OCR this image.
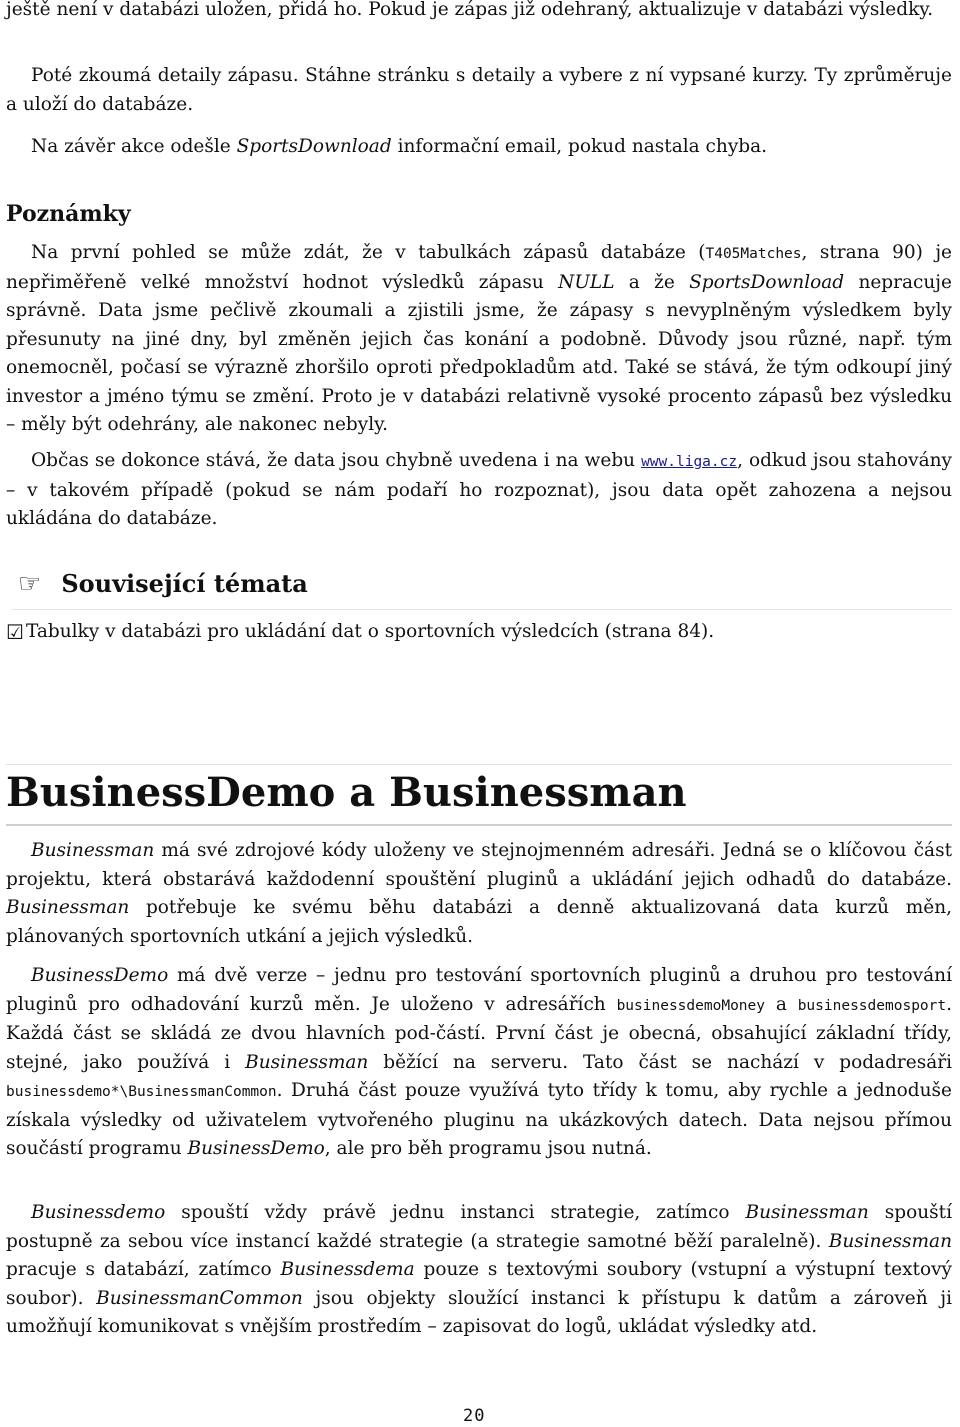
ještě není v databázi uložen, přidá ho. Pokud je zápas již odehraný, aktualizuje v databázi výsledky.

Poté zkoumá detaily zápasu. Stáhne stránku s detaily a vybere z ní vypsané kurzy. Ty zprůměruje a uloží do databáze.

Na závěr akce odešle SportsDownload informační email, pokud nastala chyba.

Poznámky

Na první pohled se může zdát, že v tabulkách zápasů databáze (T405Matches, strana 90) je nepřiměřeně velké množství hodnot výsledků zápasu NULL a že SportsDownload nepracuje správně. Data jsme pečlivě zkoumali a zjistili jsme, že zápasy s nevyplněným výsledkem byly přesunuty na jiné dny, byl změněn jejich čas konání a podobně. Důvody jsou různé, např. tým onemocněl, počasí se výrazně zhoršilo oproti předpokladům atd. Také se stává, že tým odkoupí jiný investor a jméno týmu se změní. Proto je v databázi relativně vysoké procento zápasů bez výsledku – měly být odehrány, ale nakonec nebyly.

Občas se dokonce stává, že data jsou chybně uvedena i na webu www.liga.cz, odkud jsou stahovány – v takovém případě (pokud se nám podaří ho rozpoznat), jsou data opět zahozena a nejsou ukládána do databáze.

☞ Související témata
☑ Tabulky v databázi pro ukládání dat o sportovních výsledcích (strana 84).
BusinessDemo a Businessman

Businessman má své zdrojové kódy uloženy ve stejnojmenném adresáři. Jedná se o klíčovou část projektu, která obstarává každodenní spouštění pluginů a ukládání jejich odhadů do databáze. Businessman potřebuje ke svému běhu databázi a denně aktualizovaná data kurzů měn, plánovaných sportovních utkání a jejich výsledků.

BusinessDemo má dvě verze – jednu pro testování sportovních pluginů a druhou pro testování pluginů pro odhadování kurzů měn. Je uloženo v adresářích businessdemoMoney a businessdemosport. Každá část se skládá ze dvou hlavních pod-částí. První část je obecná, obsahující základní třídy, stejné, jako používá i Businessman běžící na serveru. Tato část se nachází v podadresáři businessdemo*\BusinessmanCommon. Druhá část pouze využívá tyto třídy k tomu, aby rychle a jednoduše získala výsledky od uživatelem vytvořeného pluginu na ukázkových datech. Data nejsou přímou součástí programu BusinessDemo, ale pro běh programu jsou nutná.

Businessdemo spouští vždy právě jednu instanci strategie, zatímco Businessman spouští postupně za sebou více instancí každé strategie (a strategie samotné běží paralelně). Businessman pracuje s databází, zatímco Businessdema pouze s textovými soubory (vstupní a výstupní textový soubor). BusinessmanCommon jsou objekty sloužící instanci k přístupu k datům a zároveň ji umožňují komunikovat s vnějším prostředím – zapisovat do logů, ukládat výsledky atd.

20
